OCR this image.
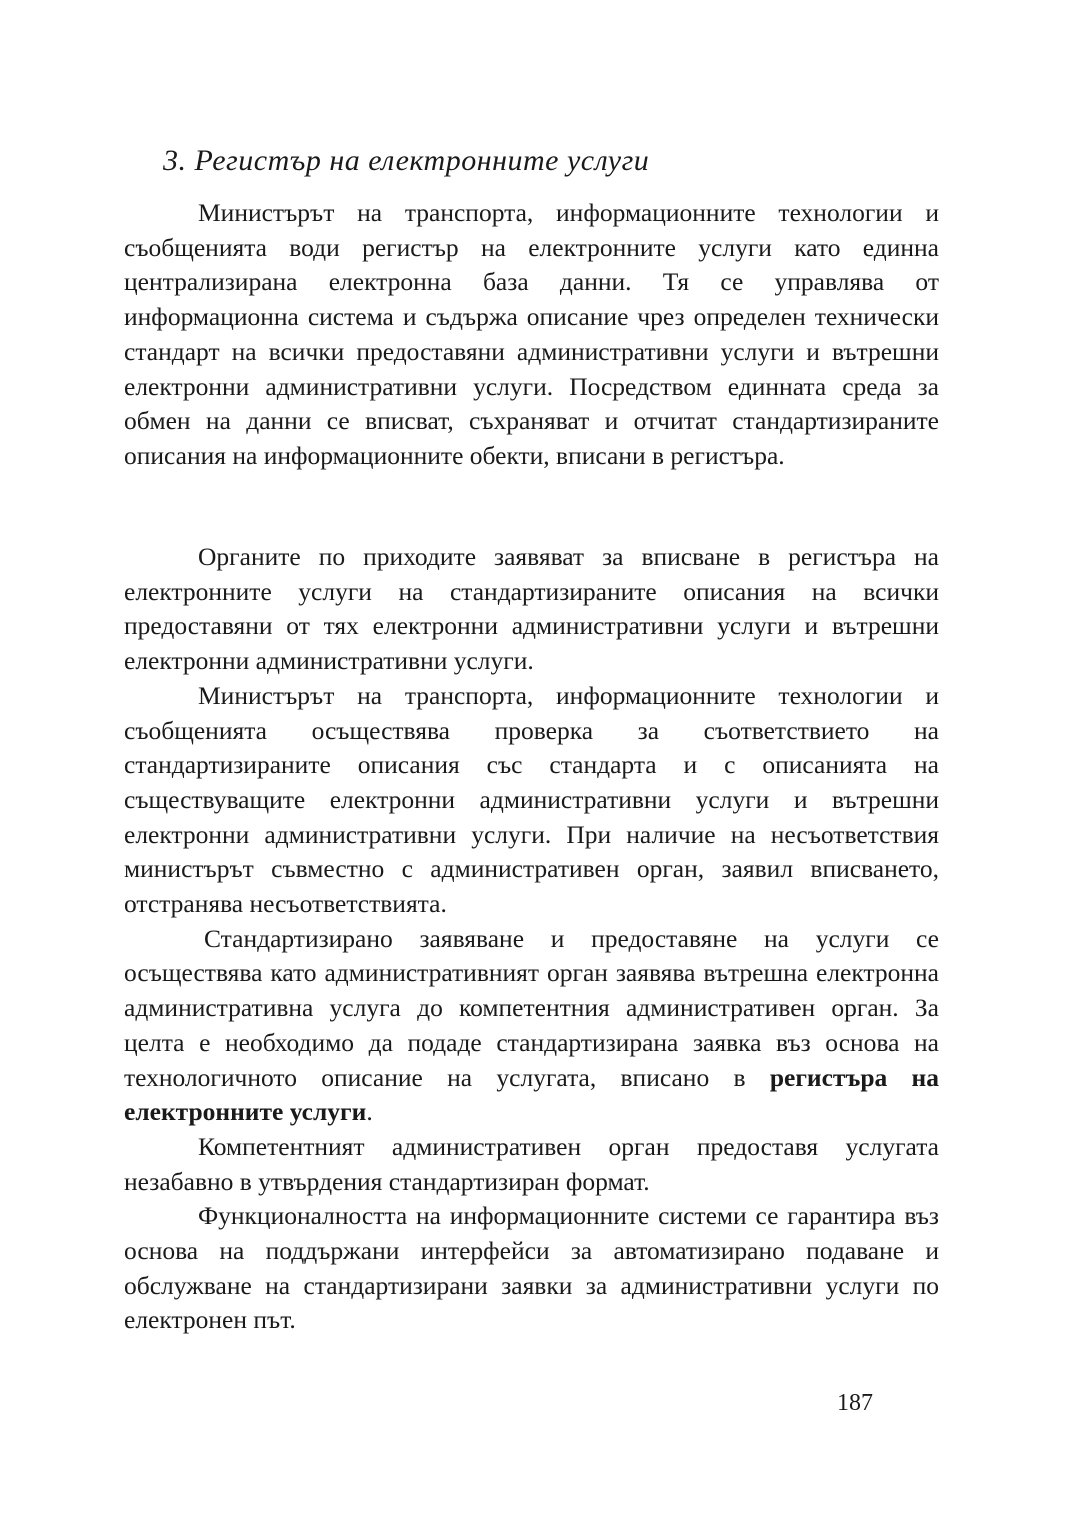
3. Регистър на електронните услуги

Министърът на транспорта, информационните технологии и съобщенията води регистър на електронните услуги като единна централизирана електронна база данни. Тя се управлява от информационна система и съдържа описание чрез определен технически стандарт на всички предоставяни административни услуги и вътрешни електронни административни услуги. Посредством единната среда за обмен на данни се вписват, съхраняват и отчитат стандартизираните описания на информационните обекти, вписани в регистъра.

Органите по приходите заявяват за вписване в регистъра на електронните услуги на стандартизираните описания на всички предоставяни от тях електронни административни услуги и вътрешни електронни административни услуги.

Министърът на транспорта, информационните технологии и съобщенията осъществява проверка за съответствието на стандартизираните описания със стандарта и с описанията на съществуващите електронни административни услуги и вътрешни електронни административни услуги. При наличие на несъответствия министърът съвместно с административен орган, заявил вписването, отстранява несъответствията.

Стандартизирано заявяване и предоставяне на услуги се осъществява като административният орган заявява вътрешна електронна административна услуга до компетентния административен орган. За целта е необходимо да подаде стандартизирана заявка въз основа на технологичното описание на услугата, вписано в регистъра на електронните услуги.

Компетентният административен орган предоставя услугата незабавно в утвърдения стандартизиран формат.

Функционалността на информационните системи се гарантира въз основа на поддържани интерфейси за автоматизирано подаване и обслужване на стандартизирани заявки за административни услуги по електронен път.

187
